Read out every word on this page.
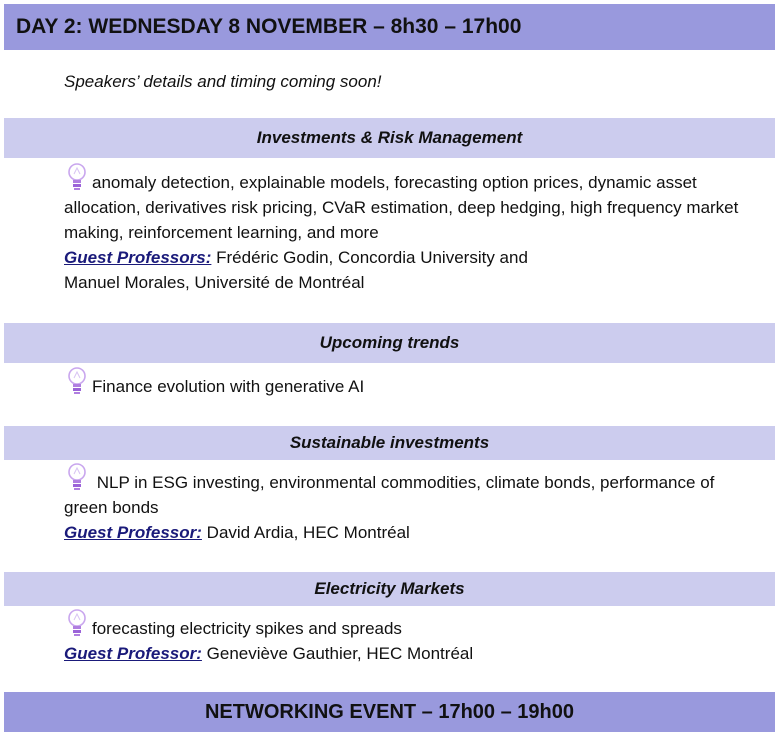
DAY 2: WEDNESDAY 8 NOVEMBER – 8h30 – 17h00
Speakers’ details and timing coming soon!
Investments & Risk Management
anomaly detection, explainable models, forecasting option prices, dynamic asset allocation, derivatives risk pricing, CVaR estimation, deep hedging, high frequency market making, reinforcement learning, and more
Guest Professors: Frédéric Godin, Concordia University and
Manuel Morales, Université de Montréal
Upcoming trends
Finance evolution with generative AI
Sustainable investments
NLP in ESG investing, environmental commodities, climate bonds, performance of green bonds
Guest Professor: David Ardia, HEC Montréal
Electricity Markets
forecasting electricity spikes and spreads
Guest Professor: Geneviève Gauthier, HEC Montréal
NETWORKING EVENT – 17h00 – 19h00
